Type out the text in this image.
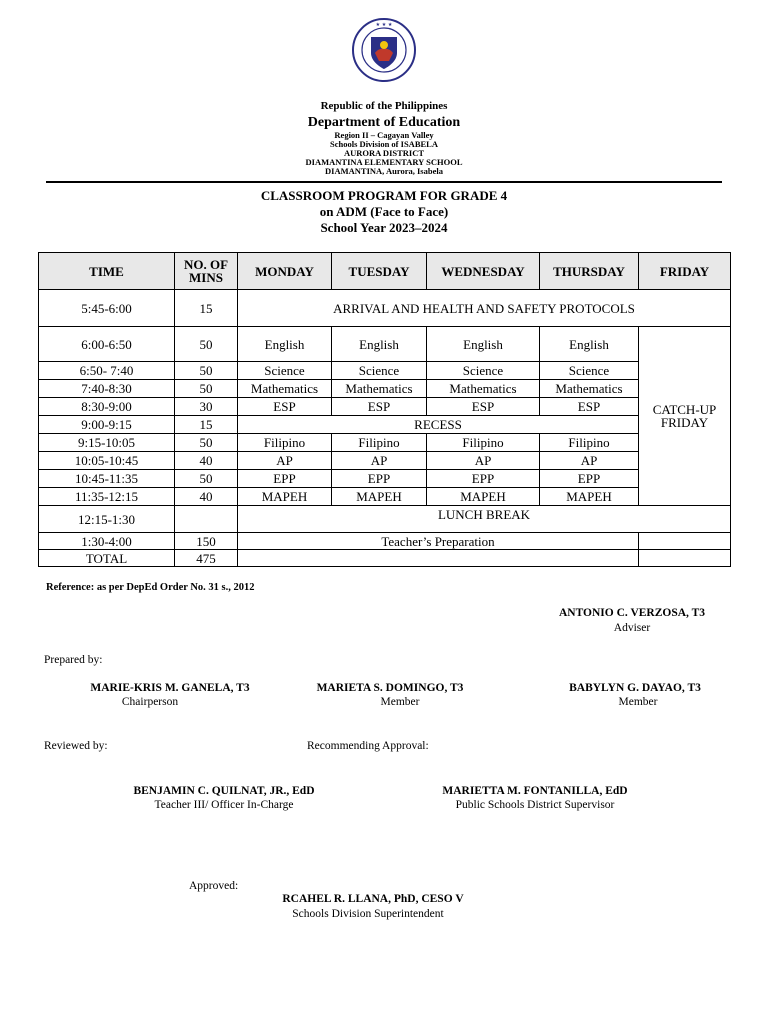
★ ★ ★
Republic of the Philippines
Department of Education
Region II – Cagayan Valley
Schools Division of ISABELA
AURORA DISTRICT
DIAMANTINA ELEMENTARY SCHOOL
DIAMANTINA, Aurora, Isabela
CLASSROOM PROGRAM FOR GRADE 4
on ADM (Face to Face)
School Year 2023–2024
TIME	NO. OF MINS	MONDAY	TUESDAY	WEDNESDAY	THURSDAY	FRIDAY
5:45-6:00	15	ARRIVAL AND HEALTH AND SAFETY PROTOCOLS				
6:00-6:50	50	English	English	English	English	CATCH-UP
FRIDAY
6:50- 7:40	50	Science	Science	Science	Science	
7:40-8:30	50	Mathematics	Mathematics	Mathematics	Mathematics	
8:30-9:00	30	ESP	ESP	ESP	ESP	
9:00-9:15	15	RECESS				
9:15-10:05	50	Filipino	Filipino	Filipino	Filipino	
10:05-10:45	40	AP	AP	AP	AP	
10:45-11:35	50	EPP	EPP	EPP	EPP	
11:35-12:15	40	MAPEH	MAPEH	MAPEH	MAPEH	
12:15-1:30		LUNCH BREAK				
1:30-4:00	150	Teacher’s Preparation				
TOTAL	475					
Reference: as per DepEd Order No. 31 s., 2012
ANTONIO C. VERZOSA, T3
Adviser
Prepared by:
MARIE-KRIS M. GANELA, T3
Chairperson
MARIETA S. DOMINGO, T3
Member
BABYLYN G. DAYAO, T3
Member
Reviewed by:	Recommending Approval:
BENJAMIN C. QUILNAT, JR., EdD
Teacher III/ Officer In-Charge
MARIETTA M. FONTANILLA, EdD
Public Schools District Supervisor
Approved:
RCAHEL R. LLANA, PhD, CESO V
Schools Division Superintendent
